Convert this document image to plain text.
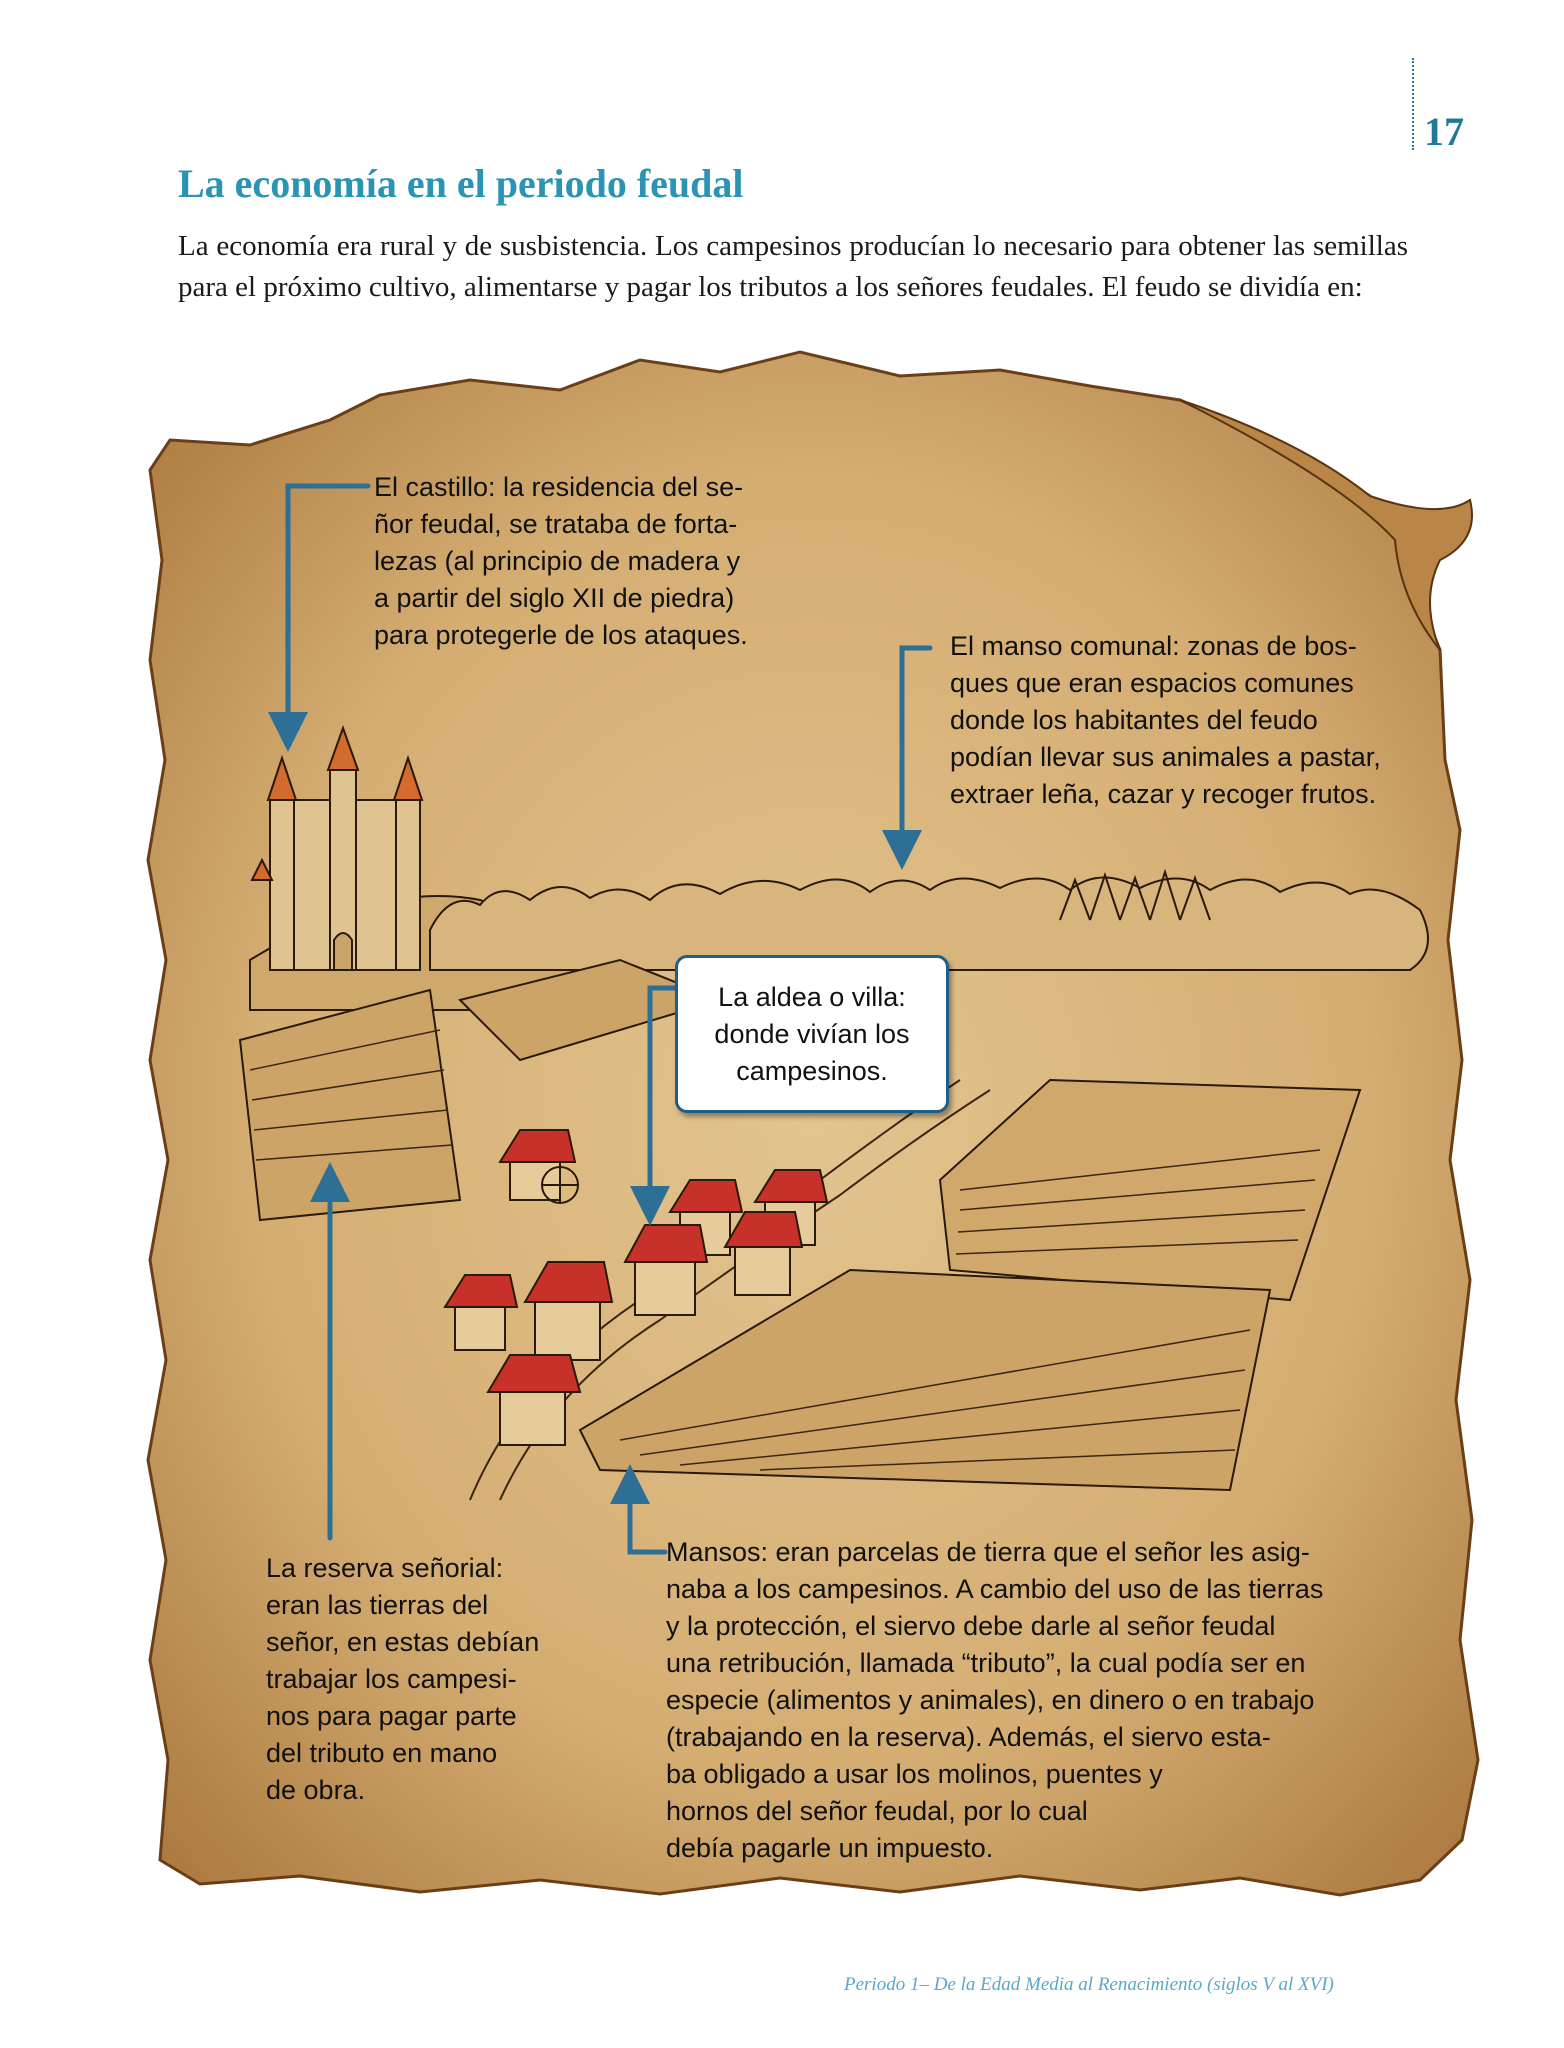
17
La economía en el periodo feudal
La economía era rural y de susbistencia. Los campesinos producían lo necesario para obtener las semillas para el próximo cultivo, alimentarse y pagar los tributos a los señores feudales. El feudo se dividía en:
El castillo: la residencia del se-
ñor feudal, se trataba de forta-
lezas (al principio de madera y
a partir del siglo XII de piedra)
para protegerle de los ataques.	El manso comunal: zonas de bos-
ques que eran espacios comunes
donde los habitantes del feudo
podían llevar sus animales a pastar,
extraer leña, cazar y recoger frutos.
La aldea o villa:
donde vivían los
campesinos.
La reserva señorial:
eran las tierras del
señor, en estas debían
trabajar los campesi-
nos para pagar parte
del tributo en mano
de obra.
Mansos: eran parcelas de tierra que el señor les asig-
naba a los campesinos. A cambio del uso de las tierras
y la protección, el siervo debe darle al señor feudal
una retribución, llamada “tributo”, la cual podía ser en
especie (alimentos y animales), en dinero o en trabajo
(trabajando en la reserva). Además, el siervo esta-
ba obligado a usar los molinos, puentes y
hornos del señor feudal, por lo cual
debía pagarle un impuesto.
Periodo 1– De la Edad Media al Renacimiento (siglos V al XVI)
